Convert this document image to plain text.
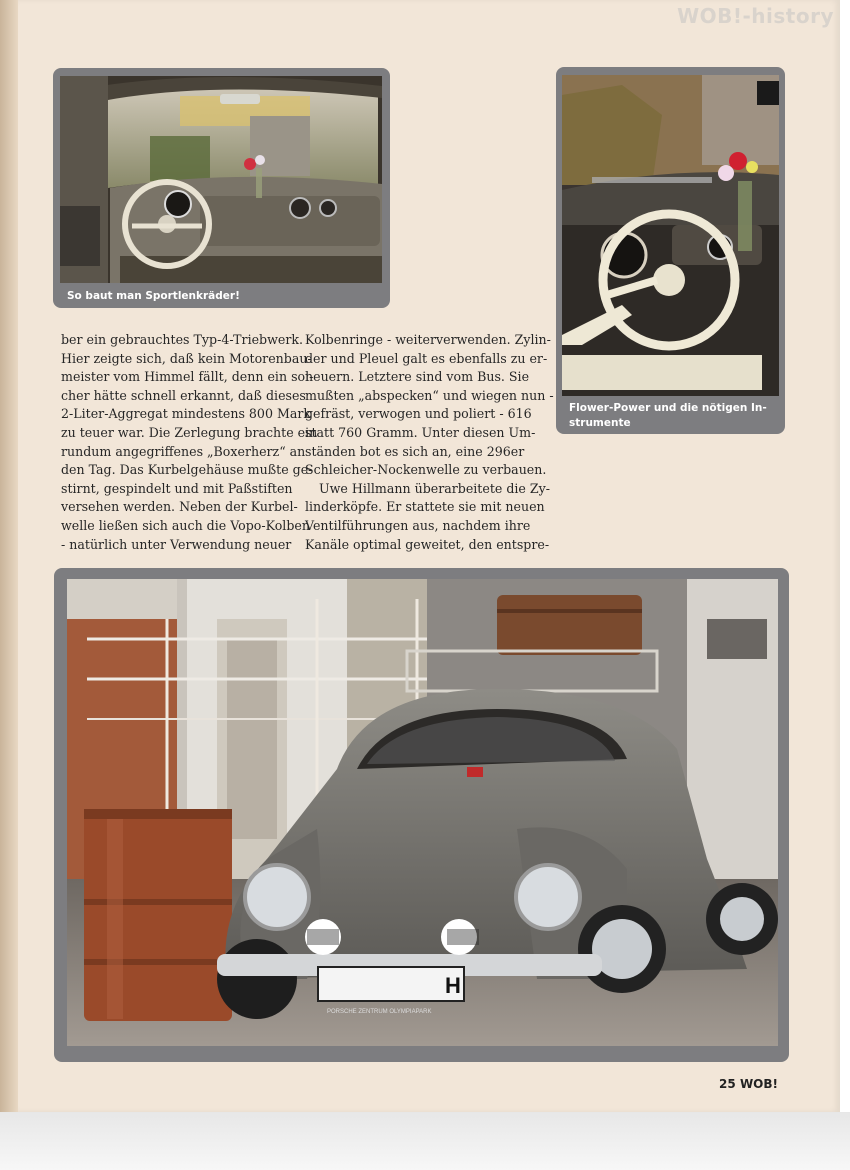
WOB!-history
So baut man Sportlenkräder!
Flower-Power und die nötigen In-
strumente
ber ein gebrauchtes Typ-4-Triebwerk.
Hier zeigte sich, daß kein Motorenbau-
meister vom Himmel fällt, denn ein sol-
cher hätte schnell erkannt, daß dieses
2-Liter-Aggregat mindestens 800 Mark
zu teuer war. Die Zerlegung brachte ein
rundum angegriffenes „Boxerherz“ an
den Tag. Das Kurbelgehäuse mußte ge-
stirnt, gespindelt und mit Paßstiften
versehen werden. Neben der Kurbel-
welle ließen sich auch die Vopo-Kolben
- natürlich unter Verwendung neuer
Kolbenringe - weiterverwenden. Zylin-
der und Pleuel galt es ebenfalls zu er-
neuern. Letztere sind vom Bus. Sie
mußten „abspecken“ und wiegen nun -
gefräst, verwogen und poliert - 616
statt 760 Gramm. Unter diesen Um-
ständen bot es sich an, eine 296er
Schleicher-Nockenwelle zu verbauen.
Uwe Hillmann überarbeitete die Zy-
linderköpfe. Er stattete sie mit neuen
Ventilführungen aus, nachdem ihre
Kanäle optimal geweitet, den entspre-
H
PORSCHE ZENTRUM OLYMPIAPARK
25 WOB!
